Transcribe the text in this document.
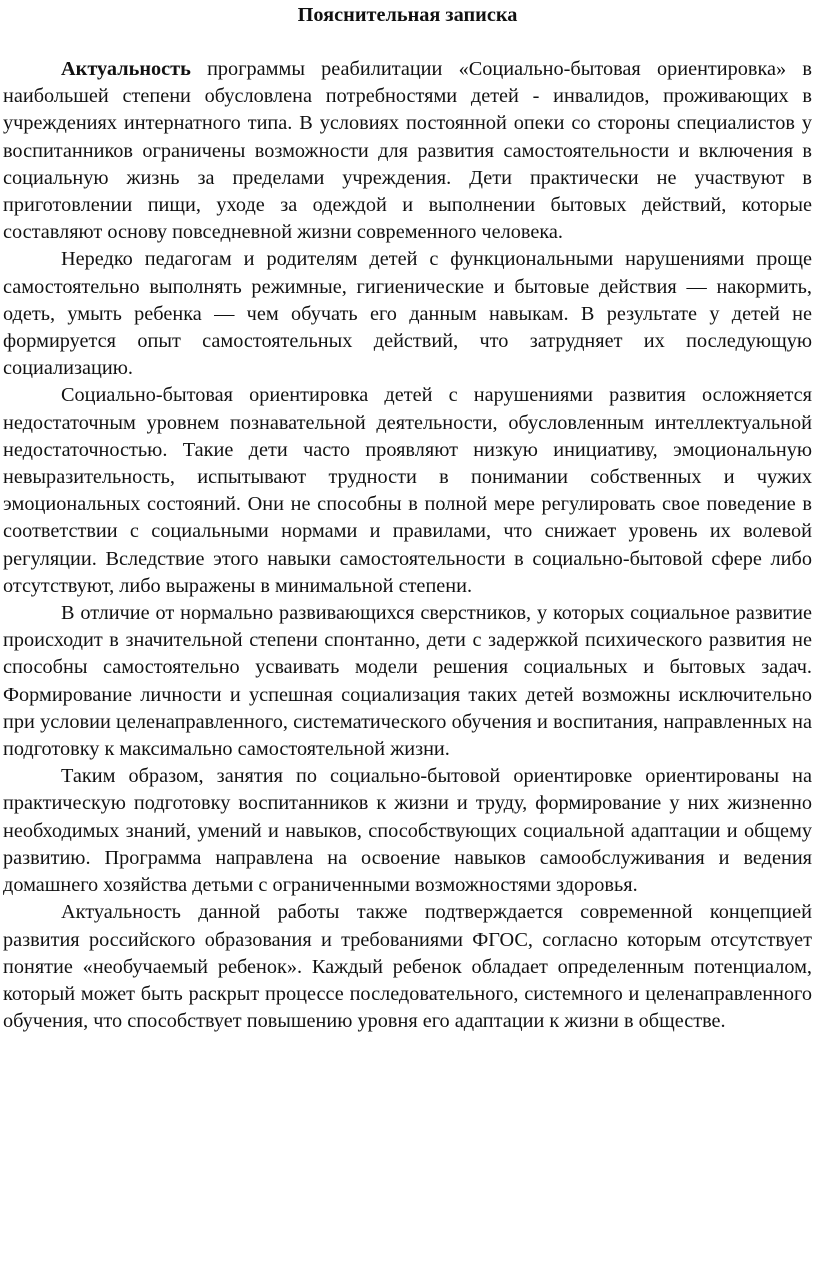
Пояснительная записка

Актуальность программы реабилитации «Социально-бытовая ориентировка» в наибольшей степени обусловлена потребностями детей - инвалидов, проживающих в учреждениях интернатного типа. В условиях постоянной опеки со стороны специалистов у воспитанников ограничены возможности для развития самостоятельности и включения в социальную жизнь за пределами учреждения. Дети практически не участвуют в приготовлении пищи, уходе за одеждой и выполнении бытовых действий, которые составляют основу повседневной жизни современного человека.

Нередко педагогам и родителям детей с функциональными нарушениями проще самостоятельно выполнять режимные, гигиенические и бытовые действия — накормить, одеть, умыть ребенка — чем обучать его данным навыкам. В результате у детей не формируется опыт самостоятельных действий, что затрудняет их последующую социализацию.

Социально-бытовая ориентировка детей с нарушениями развития осложняется недостаточным уровнем познавательной деятельности, обусловленным интеллектуальной недостаточностью. Такие дети часто проявляют низкую инициативу, эмоциональную невыразительность, испытывают трудности в понимании собственных и чужих эмоциональных состояний. Они не способны в полной мере регулировать свое поведение в соответствии с социальными нормами и правилами, что снижает уровень их волевой регуляции. Вследствие этого навыки самостоятельности в социально-бытовой сфере либо отсутствуют, либо выражены в минимальной степени.

В отличие от нормально развивающихся сверстников, у которых социальное развитие происходит в значительной степени спонтанно, дети с задержкой психического развития не способны самостоятельно усваивать модели решения социальных и бытовых задач. Формирование личности и успешная социализация таких детей возможны исключительно при условии целенаправленного, систематического обучения и воспитания, направленных на подготовку к максимально самостоятельной жизни.

Таким образом, занятия по социально-бытовой ориентировке ориентированы на практическую подготовку воспитанников к жизни и труду, формирование у них жизненно необходимых знаний, умений и навыков, способствующих социальной адаптации и общему развитию. Программа направлена на освоение навыков самообслуживания и ведения домашнего хозяйства детьми с ограниченными возможностями здоровья.

Актуальность данной работы также подтверждается современной концепцией развития российского образования и требованиями ФГОС, согласно которым отсутствует понятие «необучаемый ребенок». Каждый ребенок обладает определенным потенциалом, который может быть раскрыт процессе последовательного, системного и целенаправленного обучения, что способствует повышению уровня его адаптации к жизни в обществе.
